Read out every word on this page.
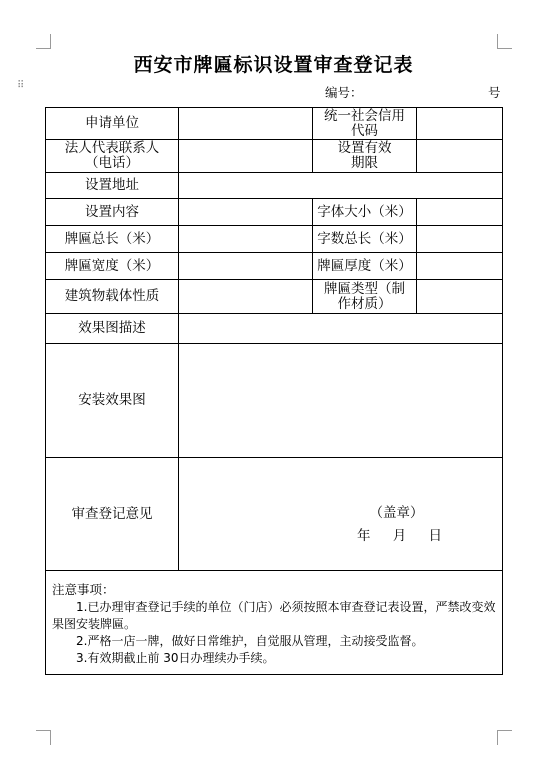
⠿
西安市牌匾标识设置审查登记表
编号：	号
申请单位		统一社会信用代码	

法人代表联系人（电话）		设置有效期限	

设置地址			
设置内容		字体大小（米）	
牌匾总长（米）		字数总长（米）	
牌匾宽度（米）		牌匾厚度（米）	
建筑物载体性质		牌匾类型（制作材质）	

效果图描述			
安装效果图			
审查登记意见	（盖章）
年 月 日		

注意事项：
1.已办理审查登记手续的单位（门店）必须按照本审查登记表设置，严禁改变效果图安装牌匾。
2.严格一店一牌，做好日常维护，自觉服从管理，主动接受监督。
3.有效期截止前 30日办理续办手续。			
